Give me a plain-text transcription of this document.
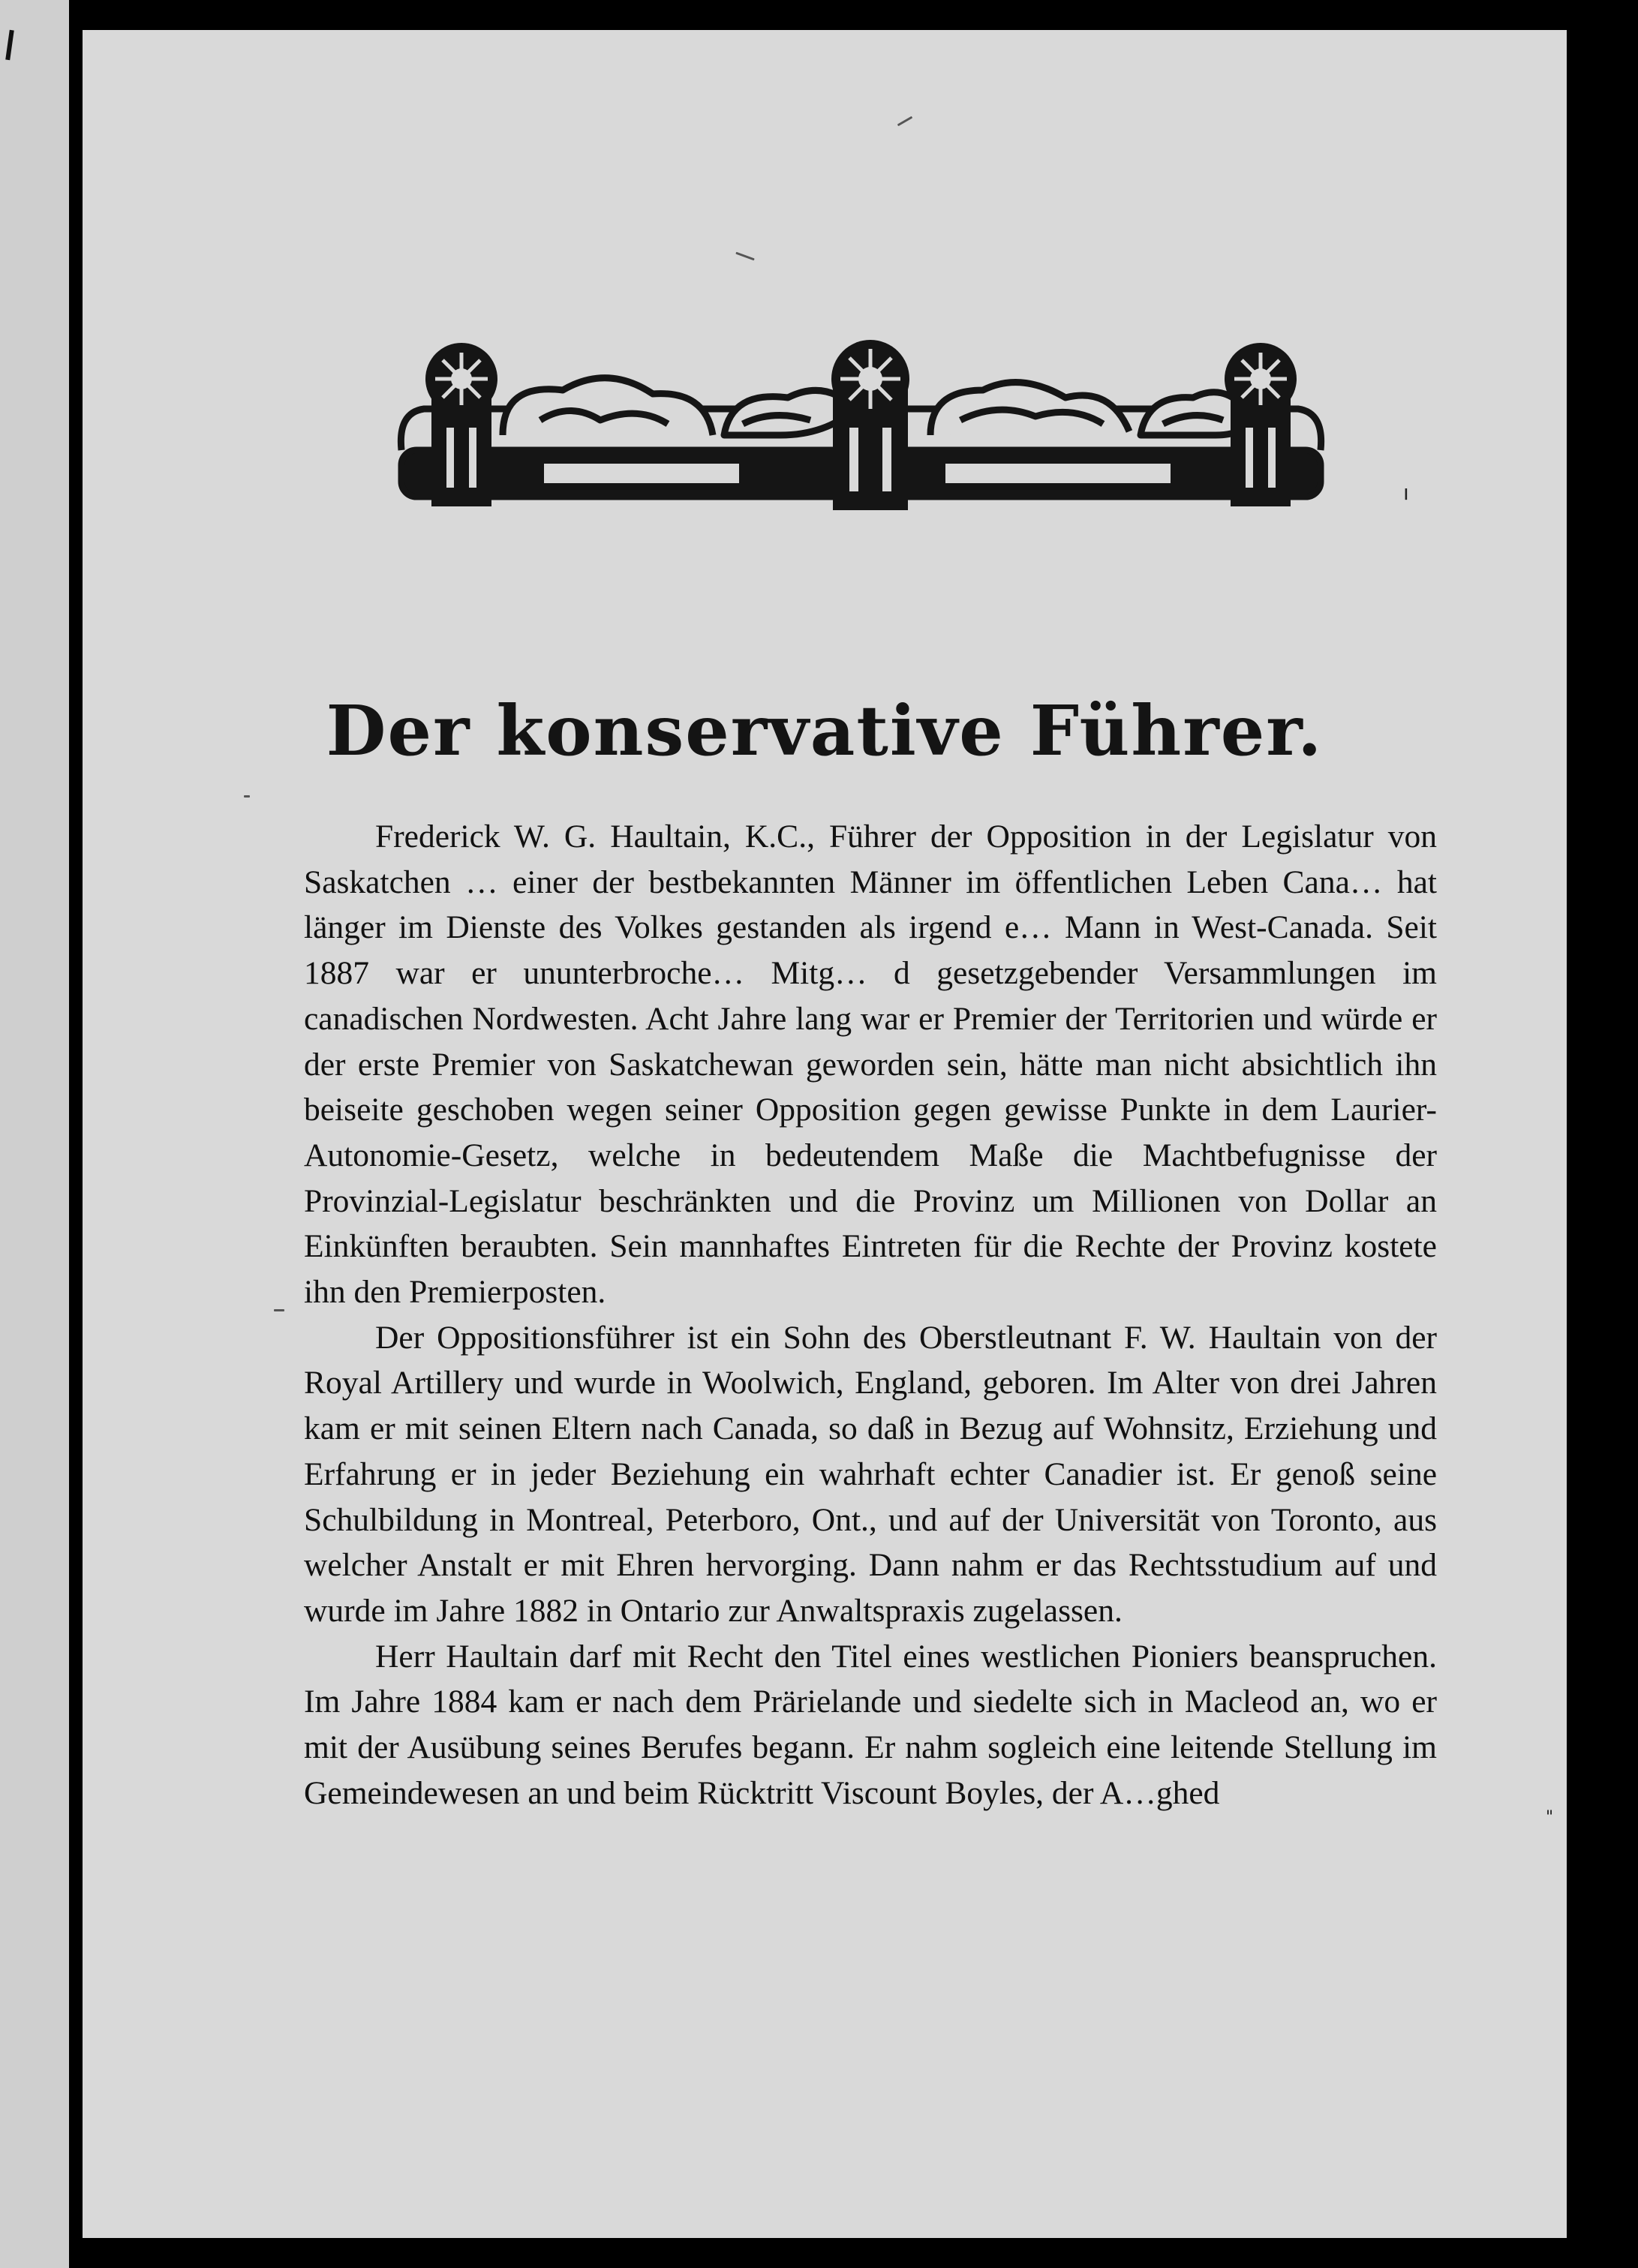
Der konservative Führer.

Frederick W. G. Haultain, K.C., Führer der Opposition in der Legislatur von Saskatchen … einer der bestbekannten Männer im öffentlichen Leben Cana… hat länger im Dienste des Volkes gestanden als irgend e… Mann in West-Canada. Seit 1887 war er ununterbroche… Mitg… d gesetzgebender Versammlungen im canadischen Nordwesten. Acht Jahre lang war er Premier der Territorien und würde er der erste Premier von Saskatchewan geworden sein, hätte man nicht absichtlich ihn beiseite geschoben wegen seiner Opposition gegen gewisse Punkte in dem Laurier-Autonomie-Gesetz, welche in bedeutendem Maße die Machtbefugnisse der Provinzial-Legislatur beschränkten und die Provinz um Millionen von Dollar an Einkünften beraubten. Sein mannhaftes Eintreten für die Rechte der Provinz kostete ihn den Premierposten.

Der Oppositionsführer ist ein Sohn des Oberstleutnant F. W. Haultain von der Royal Artillery und wurde in Woolwich, England, geboren. Im Alter von drei Jahren kam er mit seinen Eltern nach Canada, so daß in Bezug auf Wohnsitz, Erziehung und Erfahrung er in jeder Beziehung ein wahrhaft echter Canadier ist. Er genoß seine Schulbildung in Montreal, Peterboro, Ont., und auf der Universität von Toronto, aus welcher Anstalt er mit Ehren hervorging. Dann nahm er das Rechtsstudium auf und wurde im Jahre 1882 in Ontario zur Anwaltspraxis zugelassen.

Herr Haultain darf mit Recht den Titel eines westlichen Pioniers beanspruchen. Im Jahre 1884 kam er nach dem Prärielande und siedelte sich in Macleod an, wo er mit der Ausübung seines Berufes begann. Er nahm sogleich eine leitende Stellung im Gemeindewesen an und beim Rücktritt Viscount Boyles, der A…ghed

ı
"
